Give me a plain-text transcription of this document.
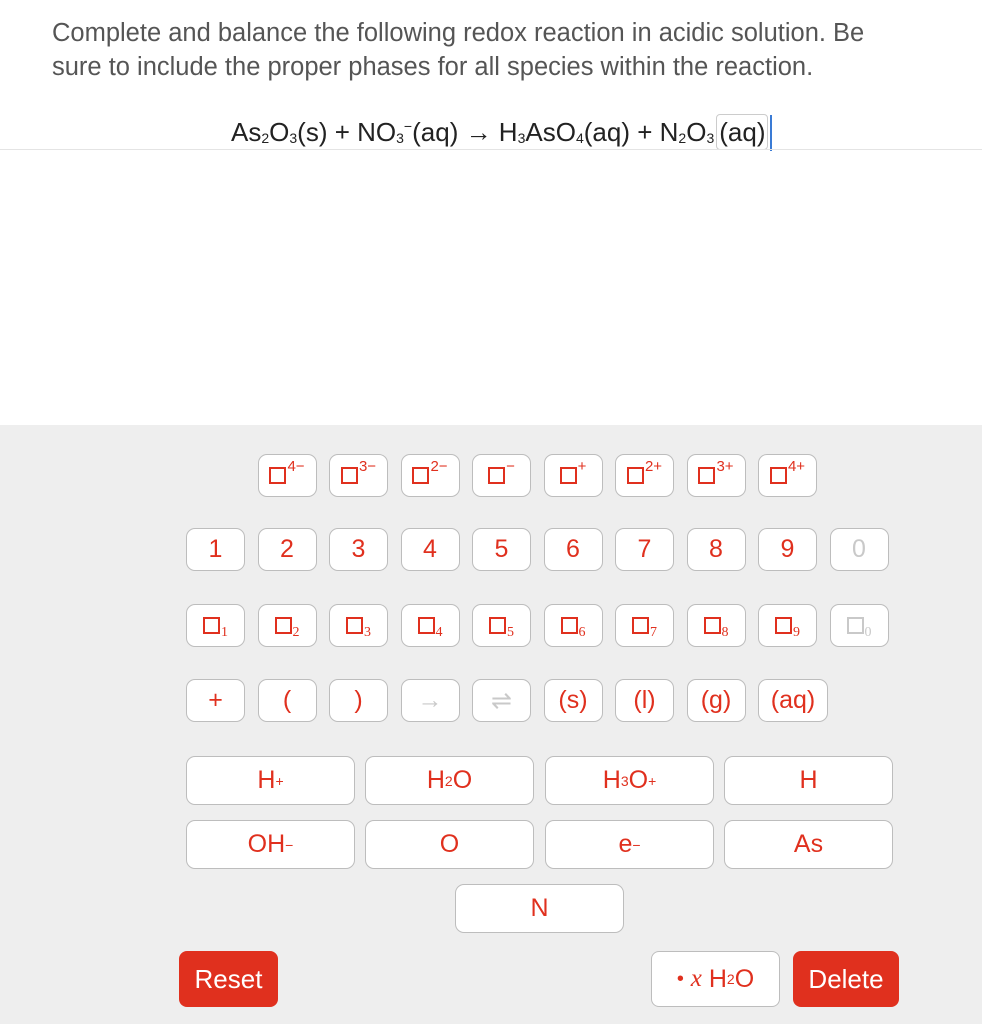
Complete and balance the following redox reaction in acidic solution. Be
sure to include the proper phases for all species within the reaction.
$As_2O_3(s) + NO_3^-(aq) \to H_3AsO_4(aq) + N_2O_3$ (aq)
H +	H 2 O	H 3 O +	H
OH −	O	e −	As
N
Reset	•
x
H 2 O	Delete
4−	3−	2−	−	+	2+	3+	4+
1 2 3 4 5 6 7 8 9 0
1	2	3	4	5	6	7	8	9	0
+ (	) → ⇌ (s) (l) (g) (aq)
